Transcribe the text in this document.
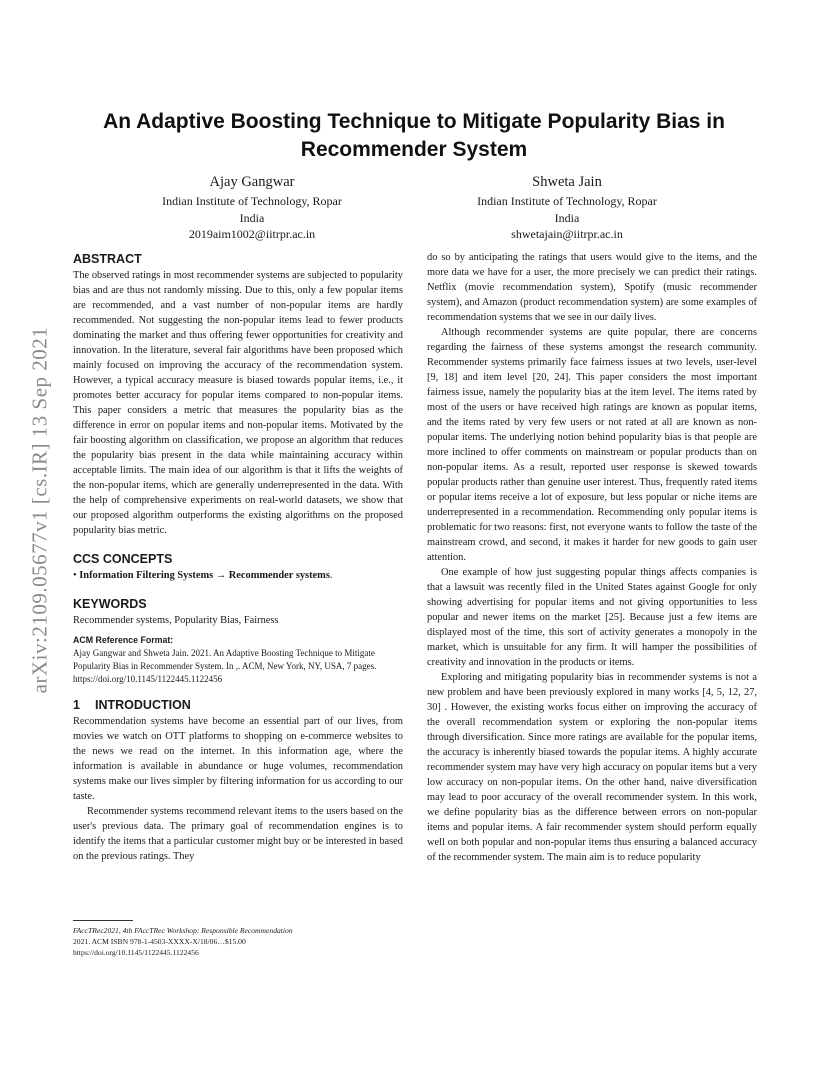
arXiv:2109.05677v1 [cs.IR] 13 Sep 2021
An Adaptive Boosting Technique to Mitigate Popularity Bias in Recommender System
Ajay Gangwar
Indian Institute of Technology, Ropar
India
2019aim1002@iitrpr.ac.in
Shweta Jain
Indian Institute of Technology, Ropar
India
shwetajain@iitrpr.ac.in
ABSTRACT

The observed ratings in most recommender systems are subjected to popularity bias and are thus not randomly missing. Due to this, only a few popular items are recommended, and a vast number of non-popular items are hardly recommended. Not suggesting the non-popular items lead to fewer products dominating the market and thus offering fewer opportunities for creativity and innovation. In the literature, several fair algorithms have been proposed which mainly focused on improving the accuracy of the recommendation system. However, a typical accuracy measure is biased towards popular items, i.e., it promotes better accuracy for popular items compared to non-popular items. This paper considers a metric that measures the popularity bias as the difference in error on popular items and non-popular items. Motivated by the fair boosting algorithm on classification, we propose an algorithm that reduces the popularity bias present in the data while maintaining accuracy within acceptable limits. The main idea of our algorithm is that it lifts the weights of the non-popular items, which are generally underrepresented in the data. With the help of comprehensive experiments on real-world datasets, we show that our proposed algorithm outperforms the existing algorithms on the proposed popularity bias metric.

CCS CONCEPTS

• Information Filtering Systems → Recommender systems.

KEYWORDS

Recommender systems, Popularity Bias, Fairness

ACM Reference Format:

Ajay Gangwar and Shweta Jain. 2021. An Adaptive Boosting Technique to Mitigate Popularity Bias in Recommender System. In ,. ACM, New York, NY, USA, 7 pages. https://doi.org/10.1145/1122445.1122456

1 INTRODUCTION

Recommendation systems have become an essential part of our lives, from movies we watch on OTT platforms to shopping on e-commerce websites to the news we read on the internet. In this information age, where the information is available in abundance or huge volumes, recommendation systems make our lives simpler by filtering information for us according to our taste.

Recommender systems recommend relevant items to the users based on the user's previous data. The primary goal of recommendation engines is to identify the items that a particular customer might buy or be interested in based on the previous ratings. They

FAccTRec2021, 4th FAccTRec Workshop: Responsible Recommendation
2021. ACM ISBN 978-1-4503-XXXX-X/18/06…$15.00
https://doi.org/10.1145/1122445.1122456

do so by anticipating the ratings that users would give to the items, and the more data we have for a user, the more precisely we can predict their ratings. Netflix (movie recommendation system), Spotify (music recommender system), and Amazon (product recommendation system) are some examples of recommendation systems that we see in our daily lives.

Although recommender systems are quite popular, there are concerns regarding the fairness of these systems amongst the research community. Recommender systems primarily face fairness issues at two levels, user-level [9, 18] and item level [20, 24]. This paper considers the most important fairness issue, namely the popularity bias at the item level. The items rated by most of the users or have received high ratings are known as popular items, and the items rated by very few users or not rated at all are known as non-popular items. The underlying notion behind popularity bias is that people are more inclined to offer comments on mainstream or popular products than on non-popular items. As a result, reported user response is skewed towards popular products rather than genuine user interest. Thus, frequently rated items or popular items receive a lot of exposure, but less popular or niche items are underrepresented in a recommendation. Recommending only popular items is problematic for two reasons: first, not everyone wants to follow the taste of the mainstream crowd, and second, it makes it harder for new goods to gain user attention.

One example of how just suggesting popular things affects companies is that a lawsuit was recently filed in the United States against Google for only showing advertising for popular items and not giving opportunities to less popular and newer items on the market [25]. Because just a few items are displayed most of the time, this sort of activity generates a monopoly in the market, which is unsuitable for any firm. It will hamper the possibilities of creativity and innovation in the products or items.

Exploring and mitigating popularity bias in recommender systems is not a new problem and have been previously explored in many works [4, 5, 12, 27, 30] . However, the existing works focus either on improving the accuracy of the overall recommendation system or exploring the non-popular items through diversification. Since more ratings are available for the popular items, the accuracy is inherently biased towards the popular items. A highly accurate recommender system may have very high accuracy on popular items but a very low accuracy on non-popular items. On the other hand, naive diversification may lead to poor accuracy of the overall recommender system. In this work, we define popularity bias as the difference between errors on non-popular items and popular items. A fair recommender system should perform equally well on both popular and non-popular items thus ensuring a balanced accuracy of the recommender system. The main aim is to reduce popularity
